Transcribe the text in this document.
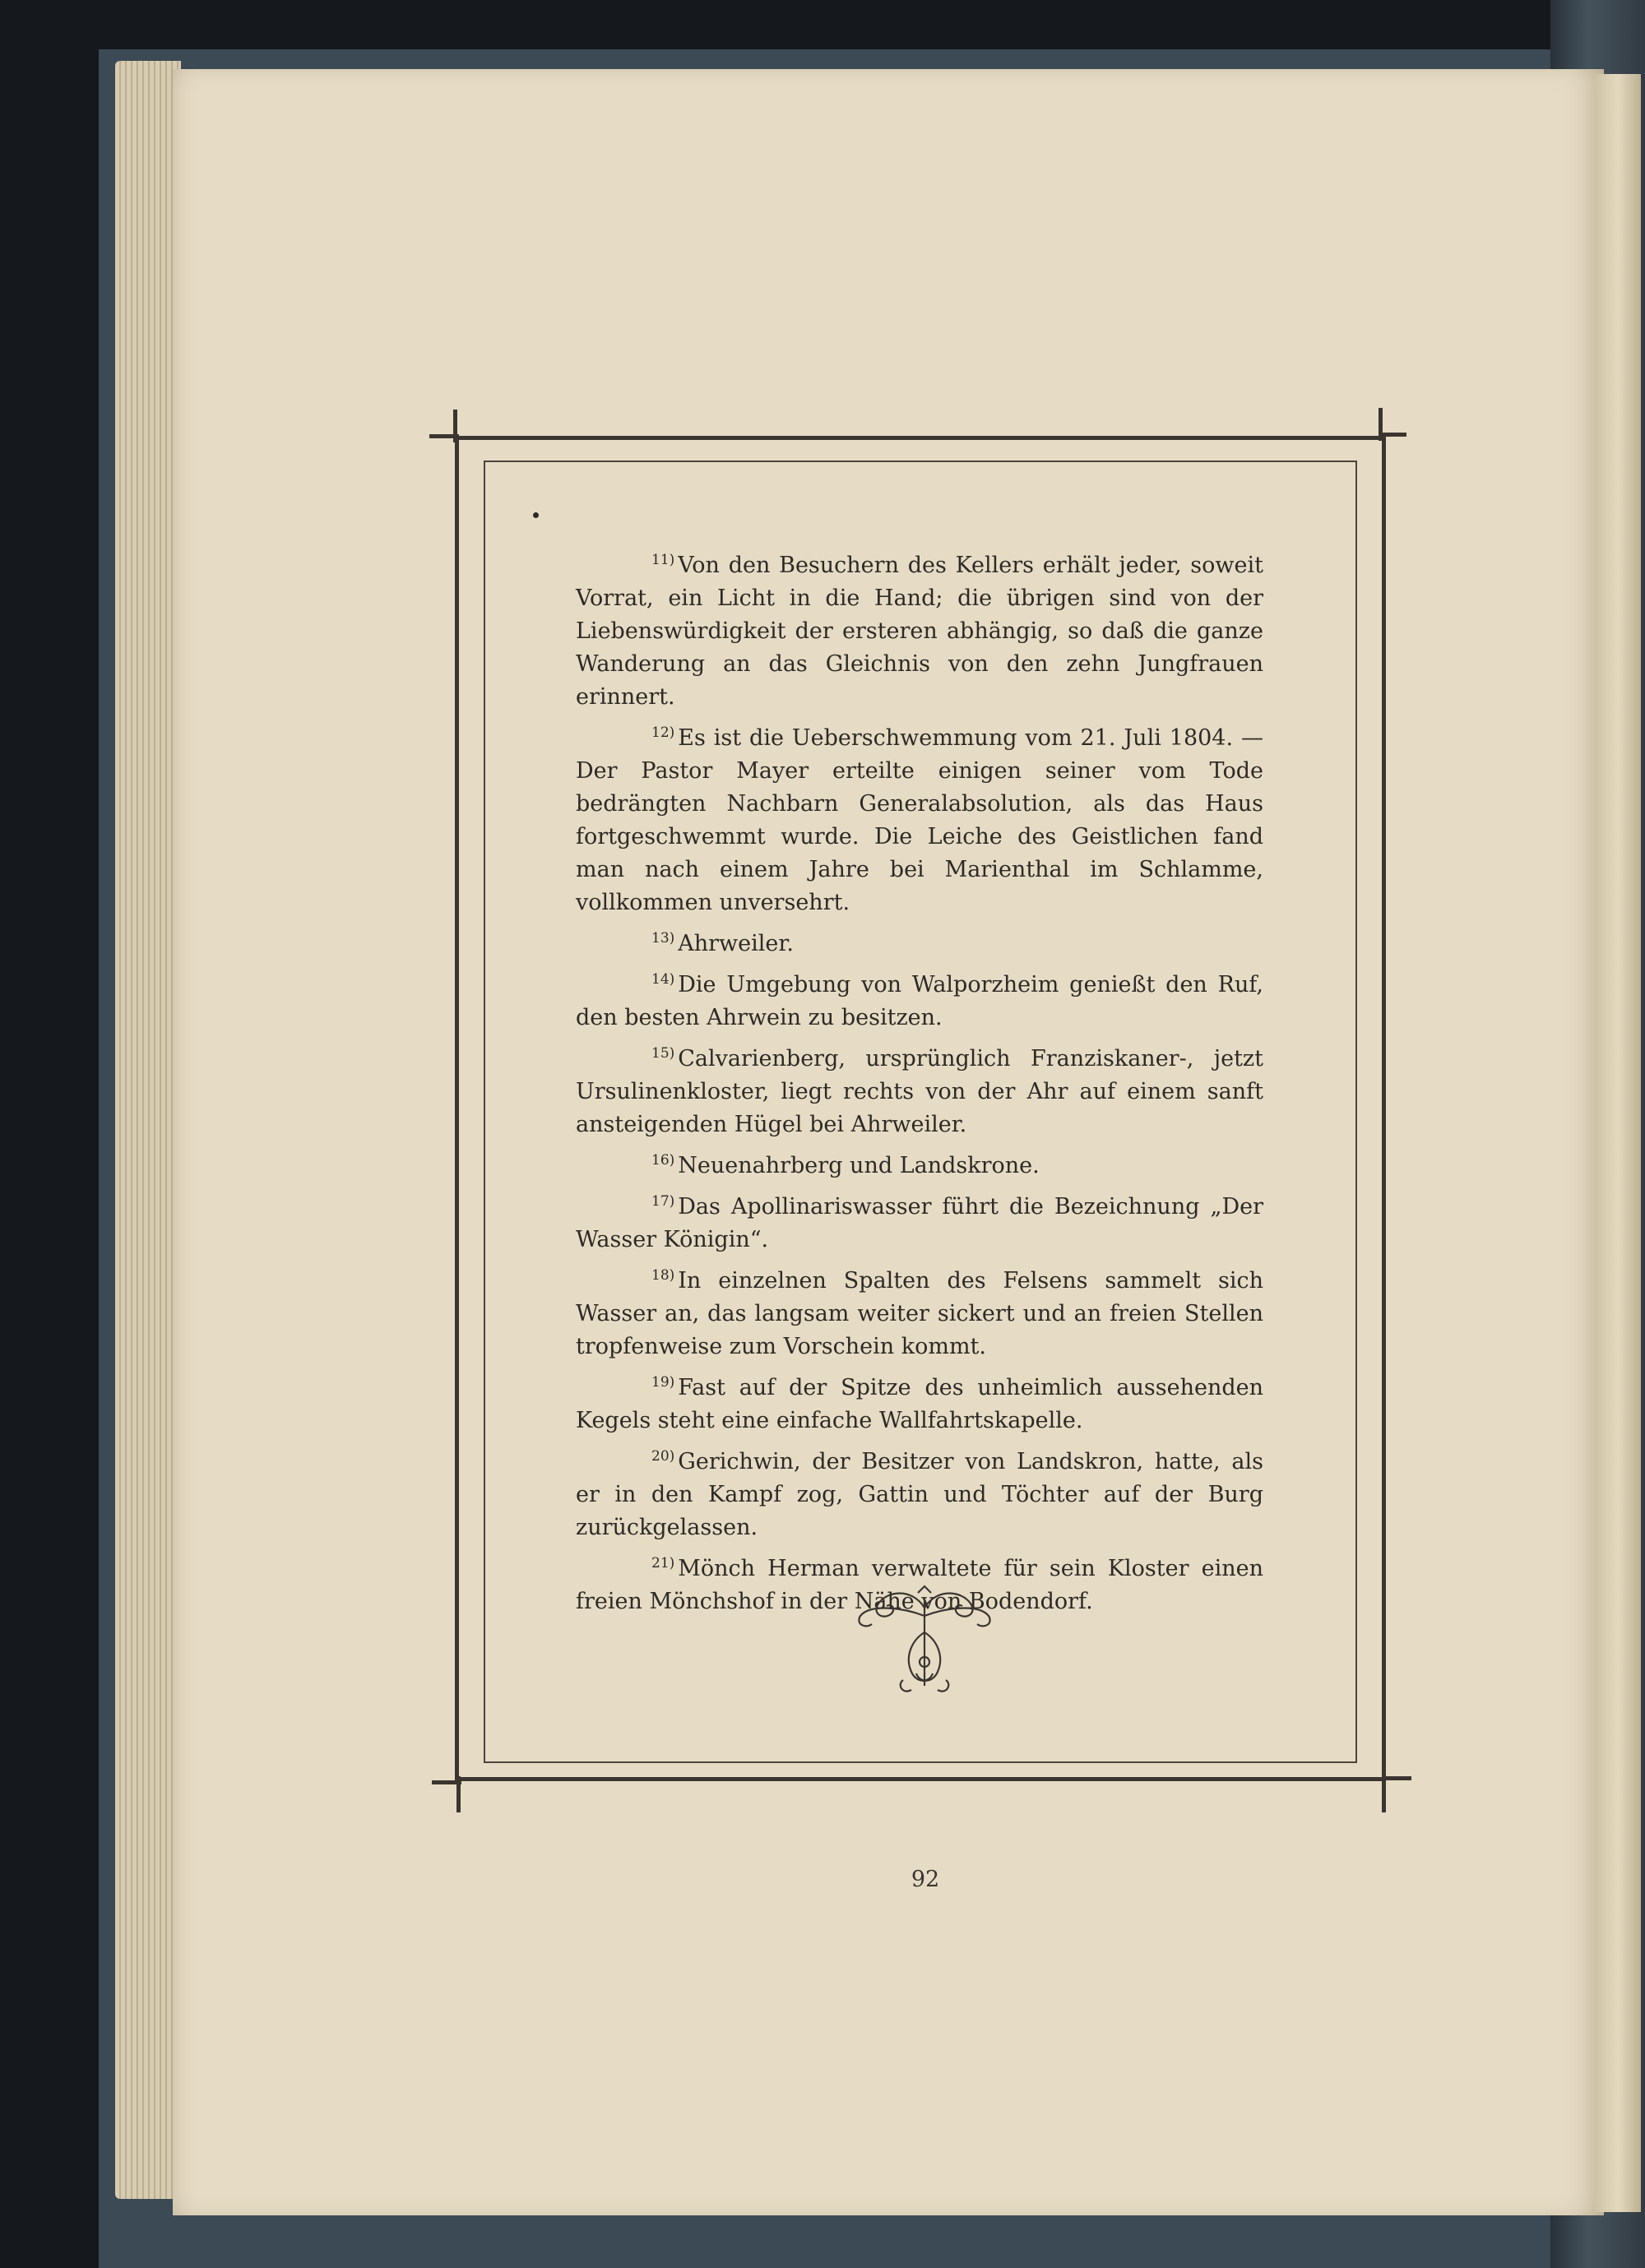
$^{11)}$ Von den Besuchern des Kellers erhält jeder, soweit Vorrat, ein Licht in die Hand; die übrigen sind von der Liebenswürdigkeit der ersteren abhängig, so daß die ganze Wanderung an das Gleichnis von den zehn Jungfrauen erinnert.

$^{12)}$ Es ist die Ueberschwemmung vom 21. Juli 1804. — Der Pastor Mayer erteilte einigen seiner vom Tode bedrängten Nachbarn Generalabsolution, als das Haus fortgeschwemmt wurde. Die Leiche des Geistlichen fand man nach einem Jahre bei Marienthal im Schlamme, vollkommen unversehrt.

$^{13)}$ Ahrweiler.

$^{14)}$ Die Umgebung von Walporzheim genießt den Ruf, den besten Ahrwein zu besitzen.

$^{15)}$ Calvarienberg, ursprünglich Franziskaner-, jetzt Ursulinenkloster, liegt rechts von der Ahr auf einem sanft ansteigenden Hügel bei Ahrweiler.

$^{16)}$ Neuenahrberg und Landskrone.

$^{17)}$ Das Apollinariswasser führt die Bezeichnung „Der Wasser Königin“.

$^{18)}$ In einzelnen Spalten des Felsens sammelt sich Wasser an, das langsam weiter sickert und an freien Stellen tropfenweise zum Vorschein kommt.

$^{19)}$ Fast auf der Spitze des unheimlich aussehenden Kegels steht eine einfache Wallfahrtskapelle.

$^{20)}$ Gerichwin, der Besitzer von Landskron, hatte, als er in den Kampf zog, Gattin und Töchter auf der Burg zurückgelassen.

$^{21)}$ Mönch Herman verwaltete für sein Kloster einen freien Mönchshof in der Nähe von Bodendorf.

92
